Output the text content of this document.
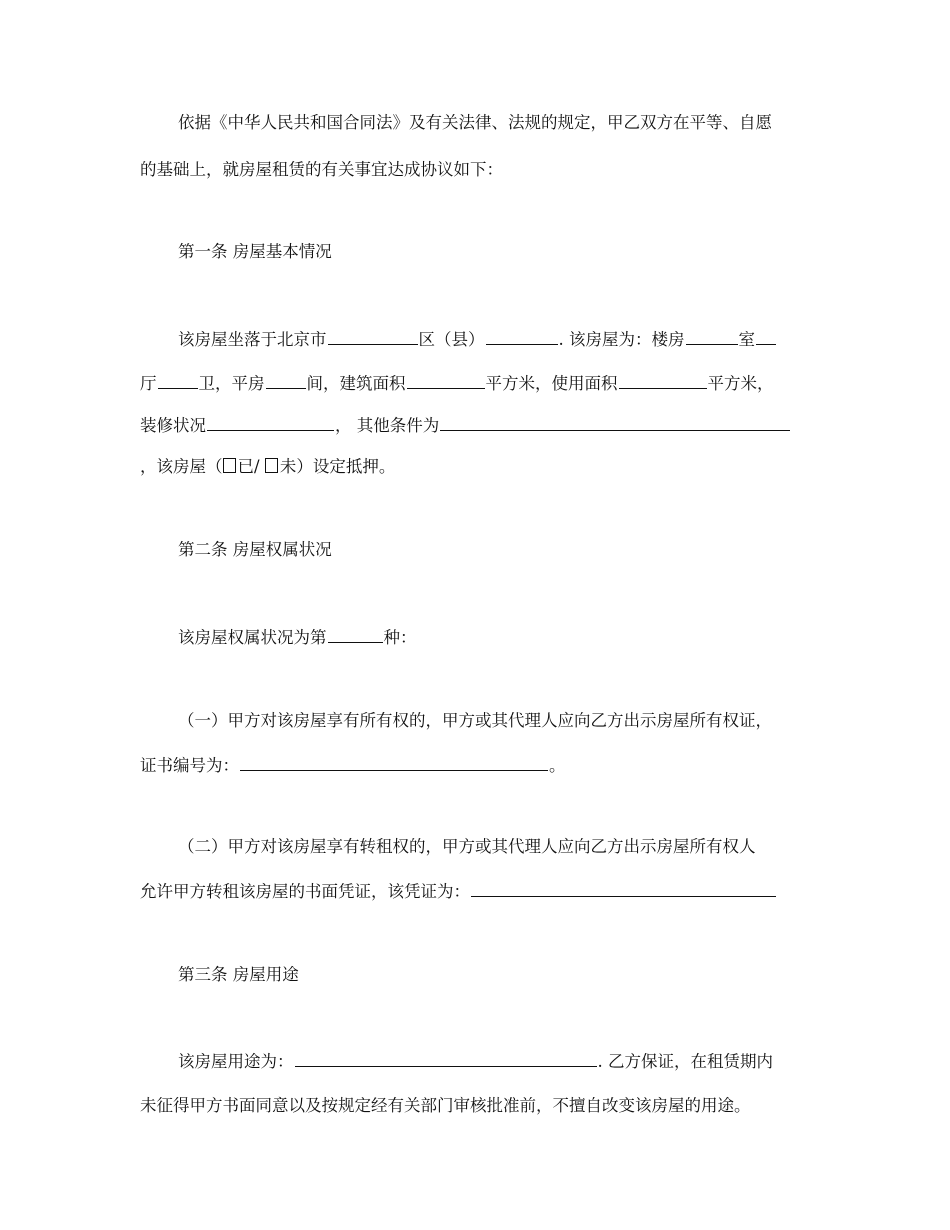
依据《中华人民共和国合同法》及有关法律、法规的规定，甲乙双方在平等、自愿
的基础上，就房屋租赁的有关事宜达成协议如下：
第一条 房屋基本情况
该房屋坐落于北京市	区（县）	. 该房屋为：楼房	室
厅	卫，平房	间，建筑面积	平方米，使用面积	平方米，
装修状况	， 其他条件为
，该房屋（ 已/ 未）设定抵押。
第二条 房屋权属状况
该房屋权属状况为第	种：
（一）甲方对该房屋享有所有权的，甲方或其代理人应向乙方出示房屋所有权证，
证书编号为：	。
（二）甲方对该房屋享有转租权的，甲方或其代理人应向乙方出示房屋所有权人
允许甲方转租该房屋的书面凭证，该凭证为：
第三条 房屋用途
该房屋用途为：	. 乙方保证，在租赁期内
未征得甲方书面同意以及按规定经有关部门审核批准前，不擅自改变该房屋的用途。
